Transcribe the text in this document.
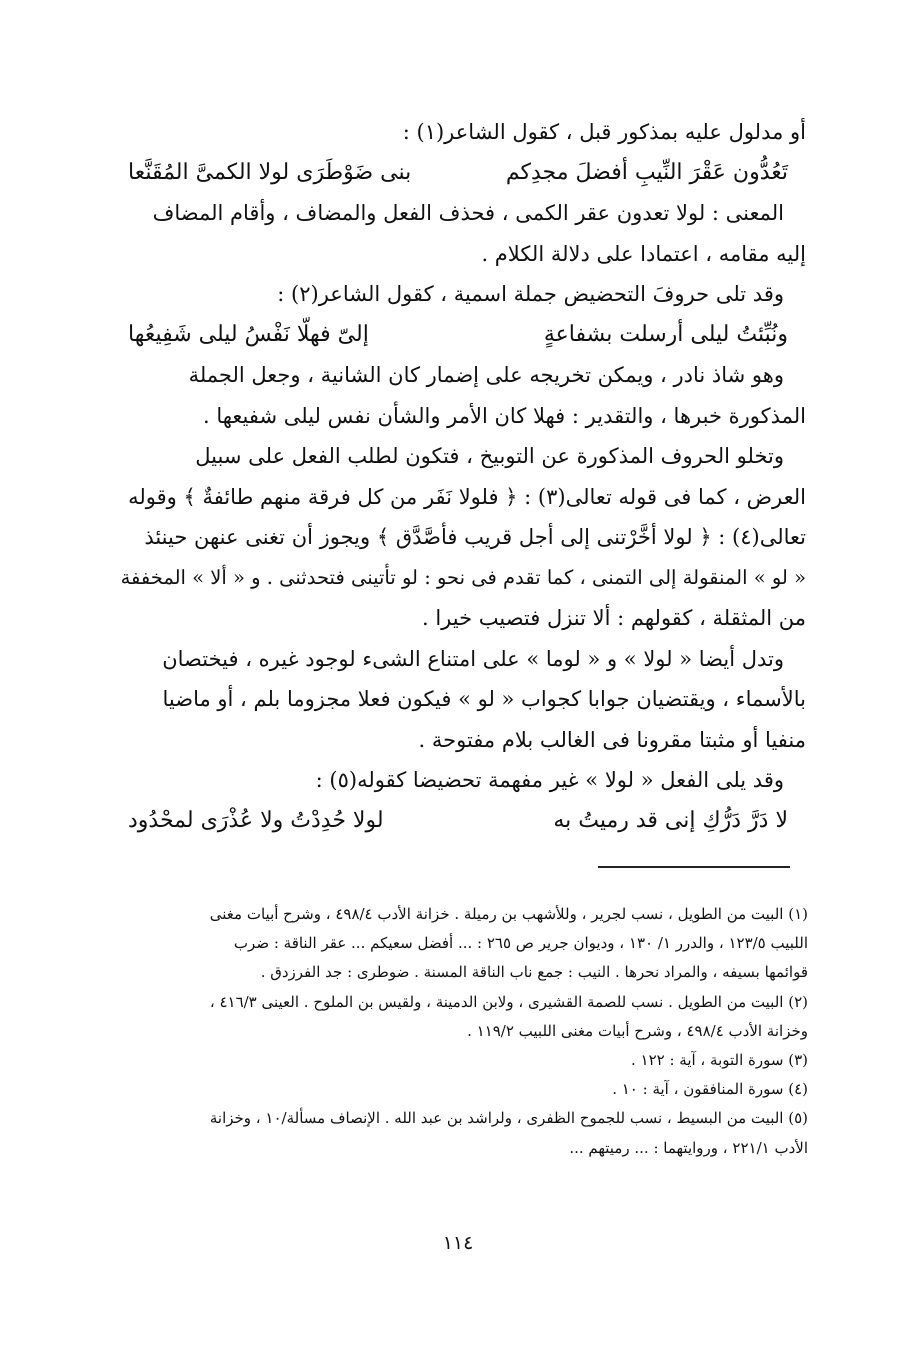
أو مدلول عليه بمذكور قبل ، كقول الشاعر(١) :
تَعُدُّون عَقْرَ النِّيبِ أفضلَ مجدِكم
بنى ضَوْطَرَى لولا الكمىَّ المُقَنَّعا
المعنى : لولا تعدون عقر الكمى ، فحذف الفعل والمضاف ، وأقام المضاف
إليه مقامه ، اعتمادا على دلالة الكلام .
وقد تلى حروفَ التحضيض جملة اسمية ، كقول الشاعر(٢) :
ونُبِّئتُ ليلى أرسلت بشفاعةٍ
إلىّ فهلّا نَفْسُ ليلى شَفِيعُها
وهو شاذ نادر ، ويمكن تخريجه على إضمار كان الشانية ، وجعل الجملة
المذكورة خبرها ، والتقدير : فهلا كان الأمر والشأن نفس ليلى شفيعها .
وتخلو الحروف المذكورة عن التوبيخ ، فتكون لطلب الفعل على سبيل
العرض ، كما فى قوله تعالى(٣) : ﴿ فلولا نَفَر من كل فرقة منهم طائفةٌ ﴾ وقوله
تعالى(٤) : ﴿ لولا أخَّرْتنى إلى أجل قريب فأصَّدَّق ﴾ ويجوز أن تغنى عنهن حينئذ
« لو » المنقولة إلى التمنى ، كما تقدم فى نحو : لو تأتينى فتحدثنى . و « ألا » المخففة
من المثقلة ، كقولهم : ألا تنزل فتصيب خيرا .
وتدل أيضا « لولا » و « لوما » على امتناع الشىء لوجود غيره ، فيختصان
بالأسماء ، ويقتضيان جوابا كجواب « لو » فيكون فعلا مجزوما بلم ، أو ماضيا
منفيا أو مثبتا مقرونا فى الغالب بلام مفتوحة .
وقد يلى الفعل « لولا » غير مفهمة تحضيضا كقوله(٥) :
لا دَرَّ دَرُّكِ إنى قد رميتُ به
لولا حُدِدْتُ ولا عُذْرَى لمحْدُود
(١) البيت من الطويل ، نسب لجرير ، وللأشهب بن رميلة . خزانة الأدب ٤٩٨/٤ ، وشرح أبيات مغنى
اللبيب ١٢٣/٥ ، والدرر ١/ ١٣٠ ، وديوان جرير ص ٢٦٥ : ... أفضل سعيكم ... عقر الناقة : ضرب
قوائمها بسيفه ، والمراد نحرها . النيب : جمع ناب الناقة المسنة . ضوطرى : جد الفرزدق .
(٢) البيت من الطويل . نسب للصمة القشيرى ، ولابن الدمينة ، ولقيس بن الملوح . العينى ٤١٦/٣ ،
وخزانة الأدب ٤٩٨/٤ ، وشرح أبيات مغنى اللبيب ١١٩/٢ .
(٣) سورة التوبة ، آية : ١٢٢ .
(٤) سورة المنافقون ، آية : ١٠ .
(٥) البيت من البسيط ، نسب للجموح الظفرى ، ولراشد بن عبد الله . الإنصاف مسألة/١٠ ، وخزانة
الأدب ٢٢١/١ ، وروايتهما : ... رميتهم ...
١١٤
